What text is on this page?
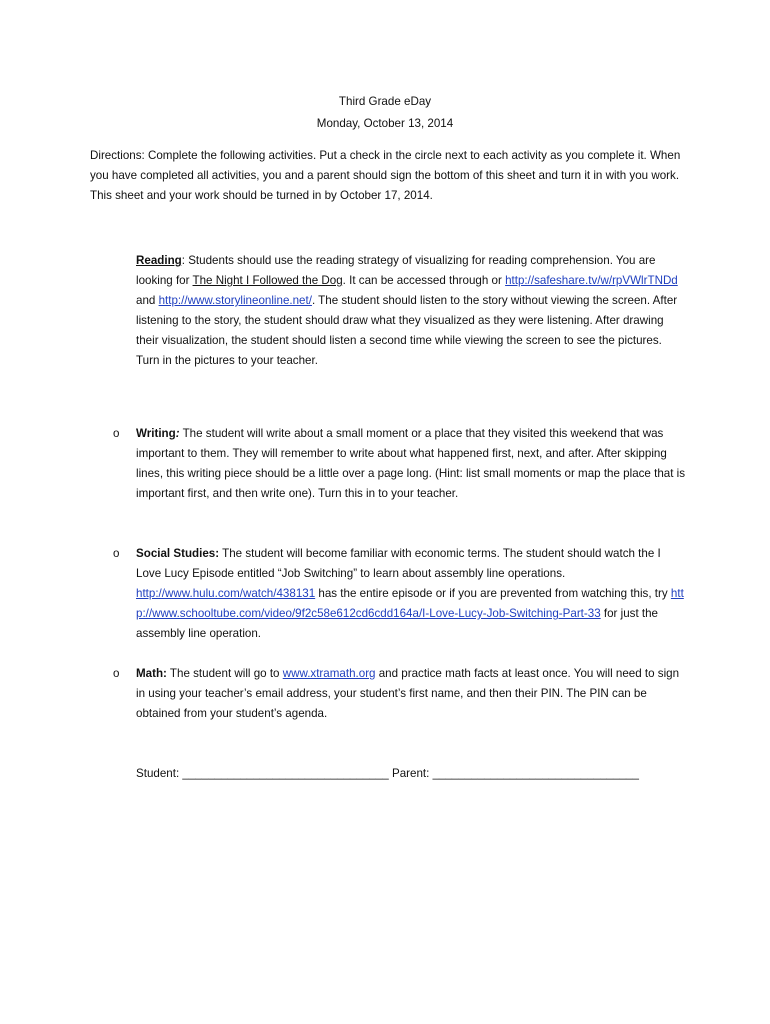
Third Grade eDay
Monday, October 13, 2014
Directions: Complete the following activities. Put a check in the circle next to each activity as you complete it. When you have completed all activities, you and a parent should sign the bottom of this sheet and turn it in with you work. This sheet and your work should be turned in by October 17, 2014.
Reading: Students should use the reading strategy of visualizing for reading comprehension. You are looking for The Night I Followed the Dog. It can be accessed through or http://safeshare.tv/w/rpVWlrTNDd and http://www.storylineonline.net/. The student should listen to the story without viewing the screen. After listening to the story, the student should draw what they visualized as they were listening. After drawing their visualization, the student should listen a second time while viewing the screen to see the pictures. Turn in the pictures to your teacher.
o Writing: The student will write about a small moment or a place that they visited this weekend that was important to them. They will remember to write about what happened first, next, and after. After skipping lines, this writing piece should be a little over a page long. (Hint: list small moments or map the place that is important first, and then write one). Turn this in to your teacher.
o Social Studies: The student will become familiar with economic terms. The student should watch the I Love Lucy Episode entitled “Job Switching” to learn about assembly line operations. http://www.hulu.com/watch/438131 has the entire episode or if you are prevented from watching this, try http://www.schooltube.com/video/9f2c58e612cd6cdd164a/I-Love-Lucy-Job-Switching-Part-33 for just the assembly line operation.
o Math: The student will go to www.xtramath.org and practice math facts at least once. You will need to sign in using your teacher’s email address, your student’s first name, and then their PIN. The PIN can be obtained from your student’s agenda.
Student: ________________________________ Parent: ________________________________
